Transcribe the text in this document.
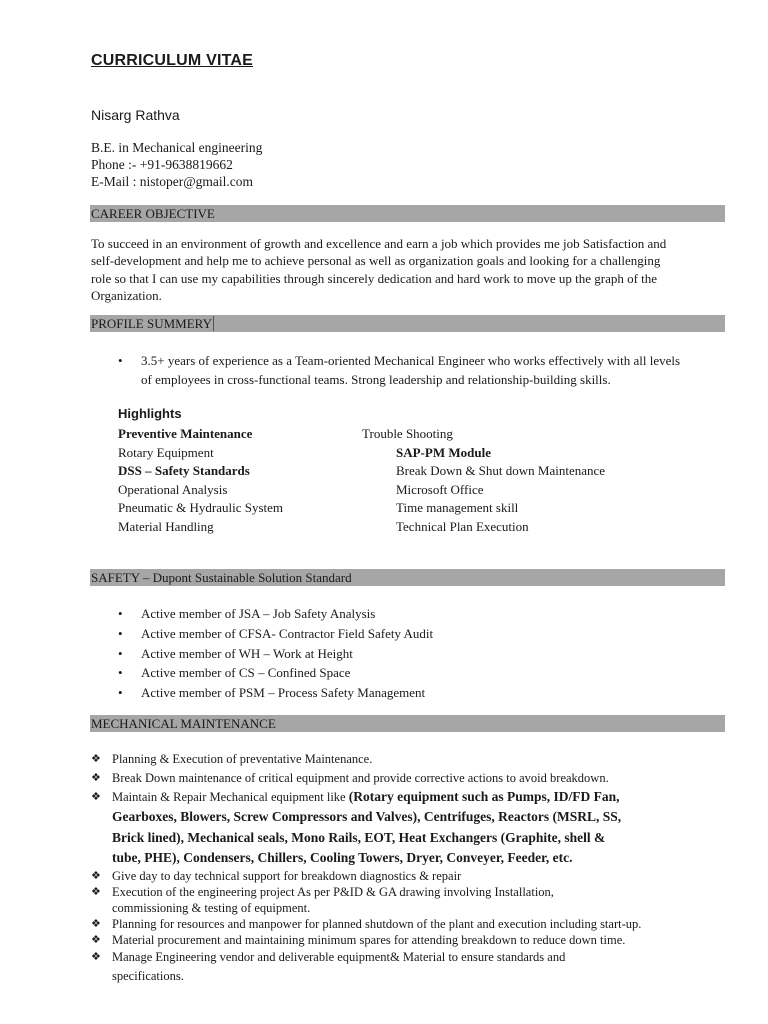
CURRICULUM VITAE
Nisarg Rathva
B.E. in Mechanical engineering
Phone :- +91-9638819662
E-Mail : nistoper@gmail.com
CAREER OBJECTIVE
To succeed in an environment of growth and excellence and earn a job which provides me job Satisfaction and
self-development and help me to achieve personal as well as organization goals and looking for a challenging
role so that I can use my capabilities through sincerely dedication and hard work to move up the graph of the
Organization.
PROFILE SUMMERY
• 3.5+ years of experience as a Team-oriented Mechanical Engineer who works effectively with all levels
of employees in cross-functional teams. Strong leadership and relationship-building skills.
Highlights
Preventive Maintenance
Rotary Equipment
DSS – Safety Standards
Operational Analysis
Pneumatic & Hydraulic System
Material Handling
Trouble Shooting
SAP-PM Module
Break Down & Shut down Maintenance
Microsoft Office
Time management skill
Technical Plan Execution
SAFETY – Dupont Sustainable Solution Standard
• Active member of JSA – Job Safety Analysis
• Active member of CFSA- Contractor Field Safety Audit
• Active member of WH – Work at Height
• Active member of CS – Confined Space
• Active member of PSM – Process Safety Management
MECHANICAL MAINTENANCE
❖ Planning & Execution of preventative Maintenance.
❖ Break Down maintenance of critical equipment and provide corrective actions to avoid breakdown.
❖ Maintain & Repair Mechanical equipment like (Rotary equipment such as Pumps, ID/FD Fan,
Gearboxes, Blowers, Screw Compressors and Valves), Centrifuges, Reactors (MSRL, SS,
Brick lined), Mechanical seals, Mono Rails, EOT, Heat Exchangers (Graphite, shell &
tube, PHE), Condensers, Chillers, Cooling Towers, Dryer, Conveyer, Feeder, etc.
❖ Give day to day technical support for breakdown diagnostics & repair
❖ Execution of the engineering project As per P&ID & GA drawing involving Installation,
commissioning & testing of equipment.
❖ Planning for resources and manpower for planned shutdown of the plant and execution including start-up.
❖ Material procurement and maintaining minimum spares for attending breakdown to reduce down time.
❖ Manage Engineering vendor and deliverable equipment& Material to ensure standards and
specifications.
